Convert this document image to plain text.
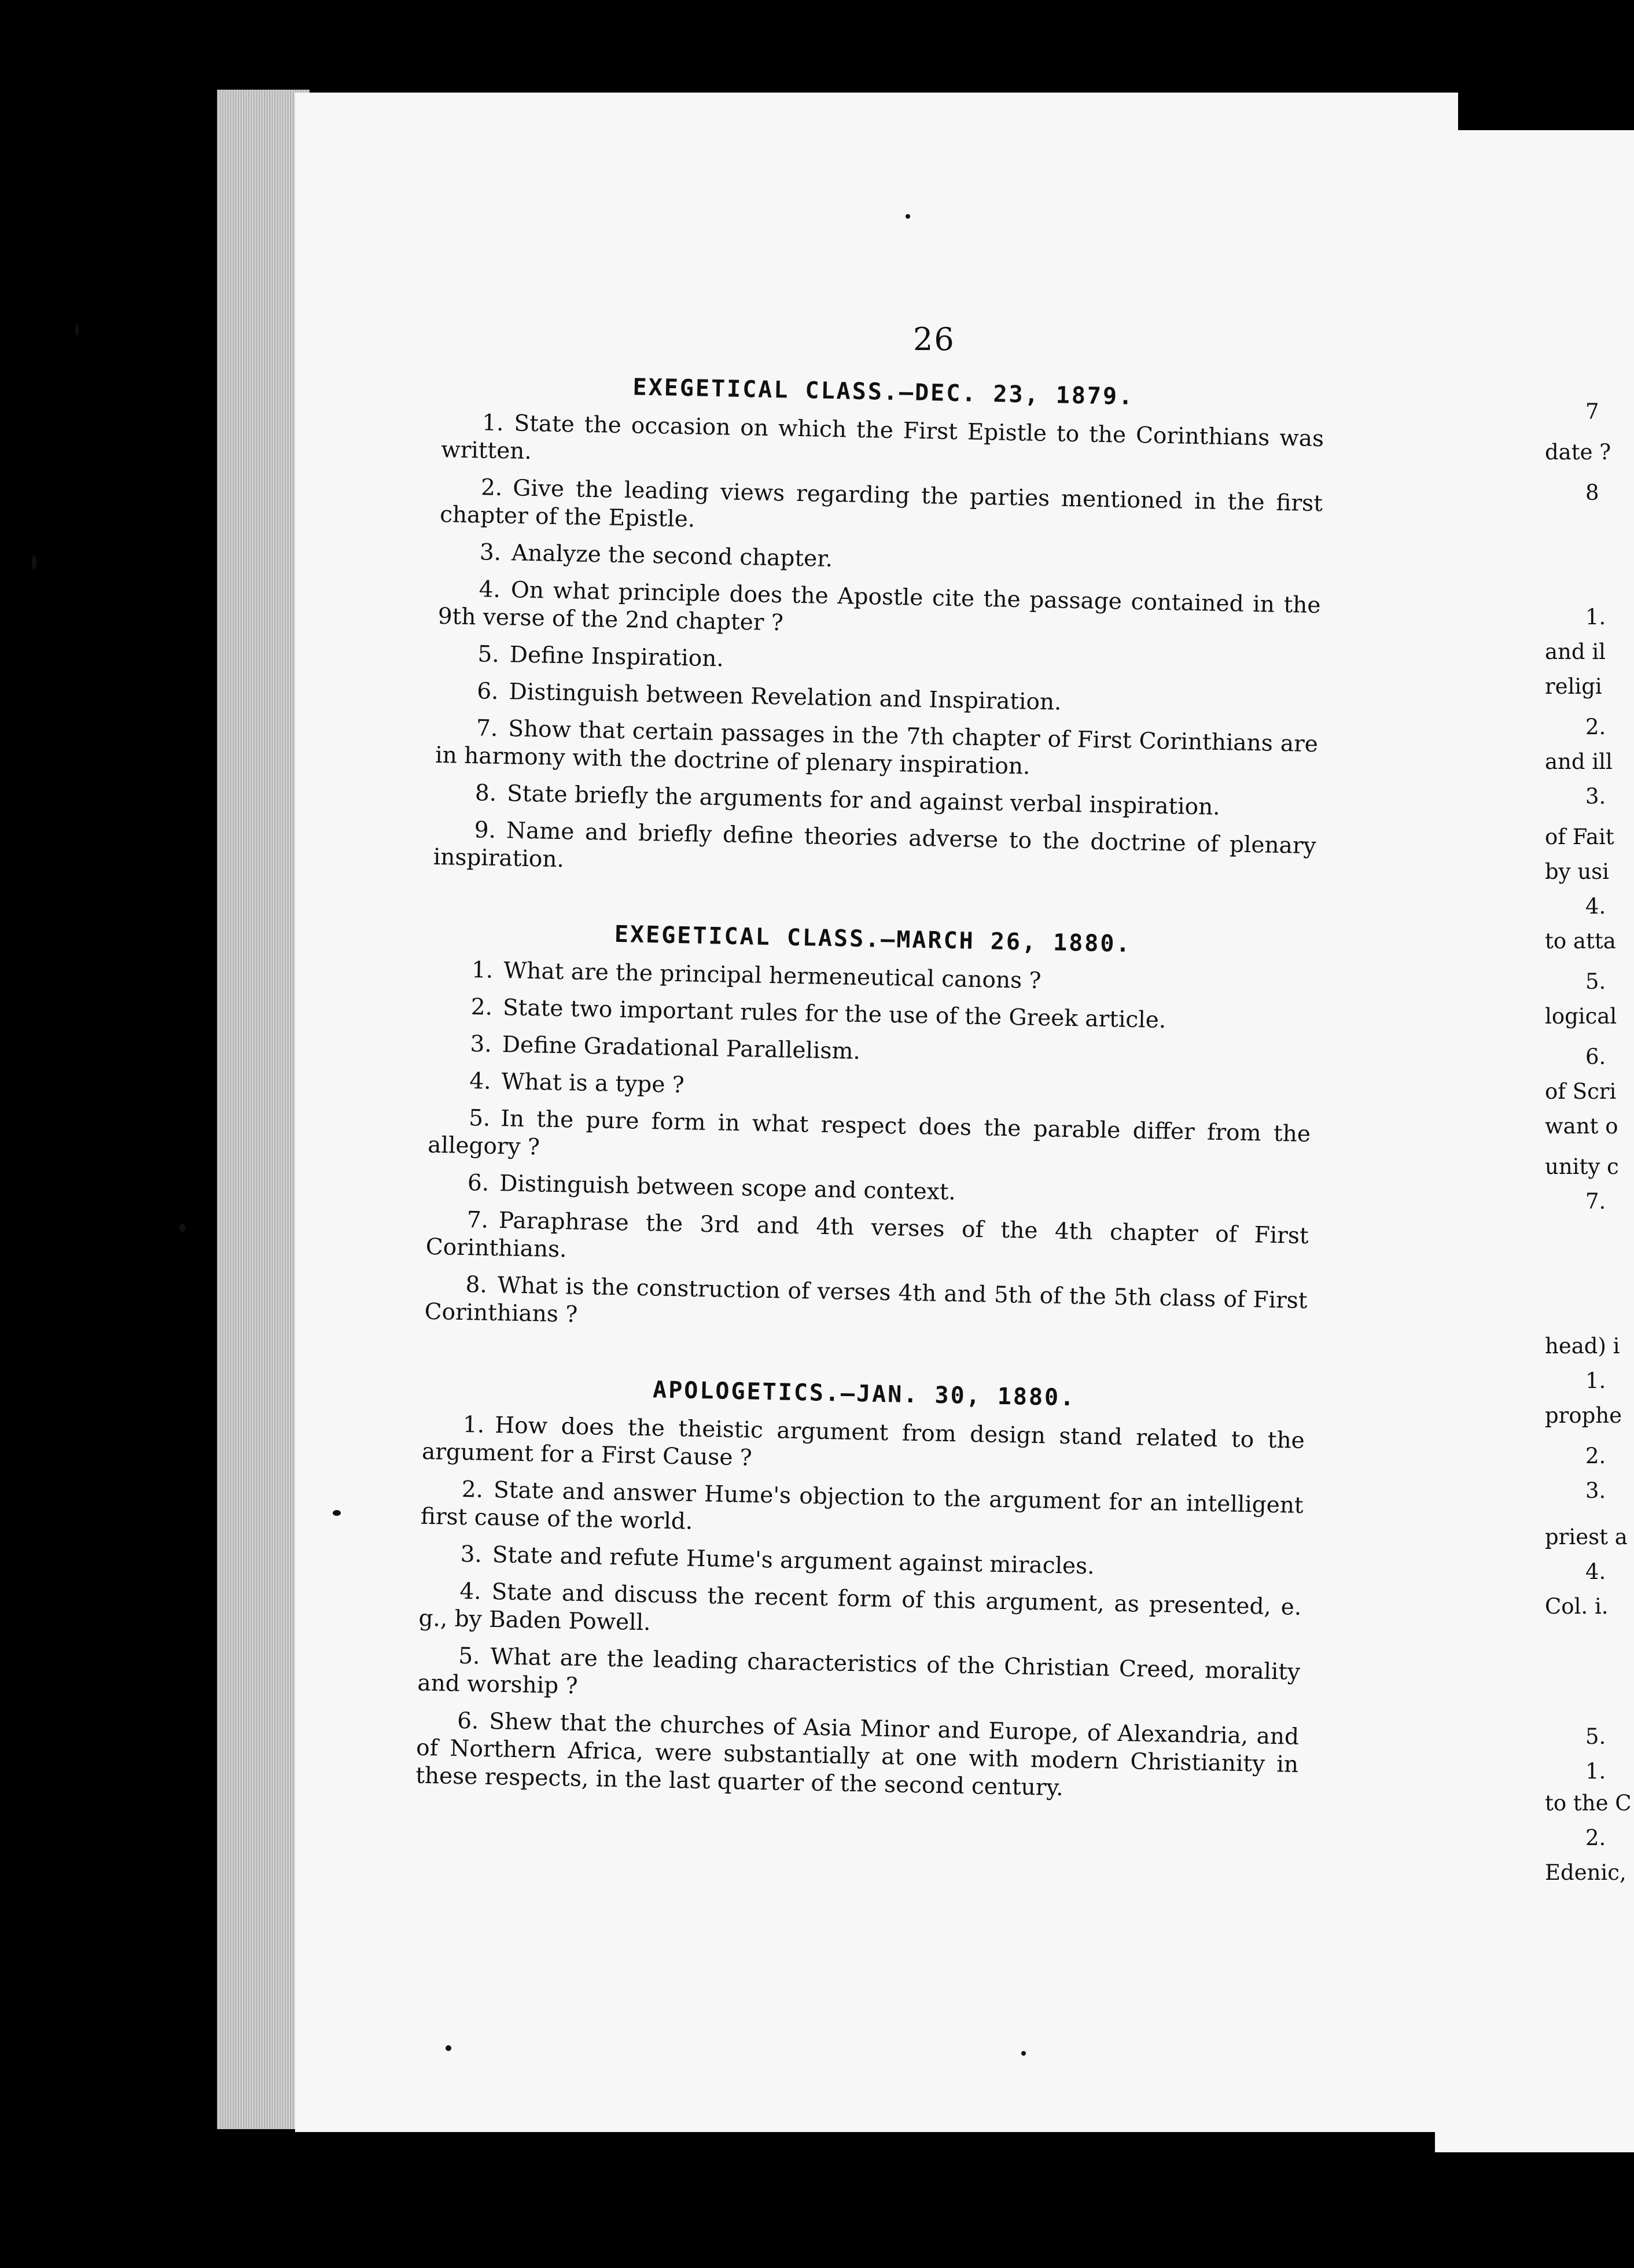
26
EXEGETICAL CLASS.—DEC. 23, 1879.

1. State the occasion on which the First Epistle to the Corinthians was written.

2. Give the leading views regarding the parties mentioned in the first chapter of the Epistle.

3. Analyze the second chapter.

4. On what principle does the Apostle cite the passage contained in the 9th verse of the 2nd chapter ?

5. Define Inspiration.

6. Distinguish between Revelation and Inspiration.

7. Show that certain passages in the 7th chapter of First Corinthians are in harmony with the doctrine of plenary inspiration.

8. State briefly the arguments for and against verbal inspiration.

9. Name and briefly define theories adverse to the doctrine of plenary inspiration.

EXEGETICAL CLASS.—MARCH 26, 1880.

1. What are the principal hermeneutical canons ?

2. State two important rules for the use of the Greek article.

3. Define Gradational Parallelism.

4. What is a type ?

5. In the pure form in what respect does the parable differ from the allegory ?

6. Distinguish between scope and context.

7. Paraphrase the 3rd and 4th verses of the 4th chapter of First Corinthians.

8. What is the construction of verses 4th and 5th of the 5th class of First Corinthians ?

APOLOGETICS.—JAN. 30, 1880.

1. How does the theistic argument from design stand related to the argument for a First Cause ?

2. State and answer Hume's objection to the argument for an intelligent first cause of the world.

3. State and refute Hume's argument against miracles.

4. State and discuss the recent form of this argument, as presented, e. g., by Baden Powell.

5. What are the leading characteristics of the Christian Creed, morality and worship ?

6. Shew that the churches of Asia Minor and Europe, of Alexandria, and of Northern Africa, were substantially at one with modern Christianity in these respects, in the last quarter of the second century.

7
date ?
8
1.
and il
religi
2.
and ill
3.
of Fait
by usi
4.
to atta
5.
logical
6.
of Scri
want o
unity c
7.
head) i
1.
prophe
2.
3.
priest a
4.
Col. i.
5.
1.
to the C
2.
Edenic,
